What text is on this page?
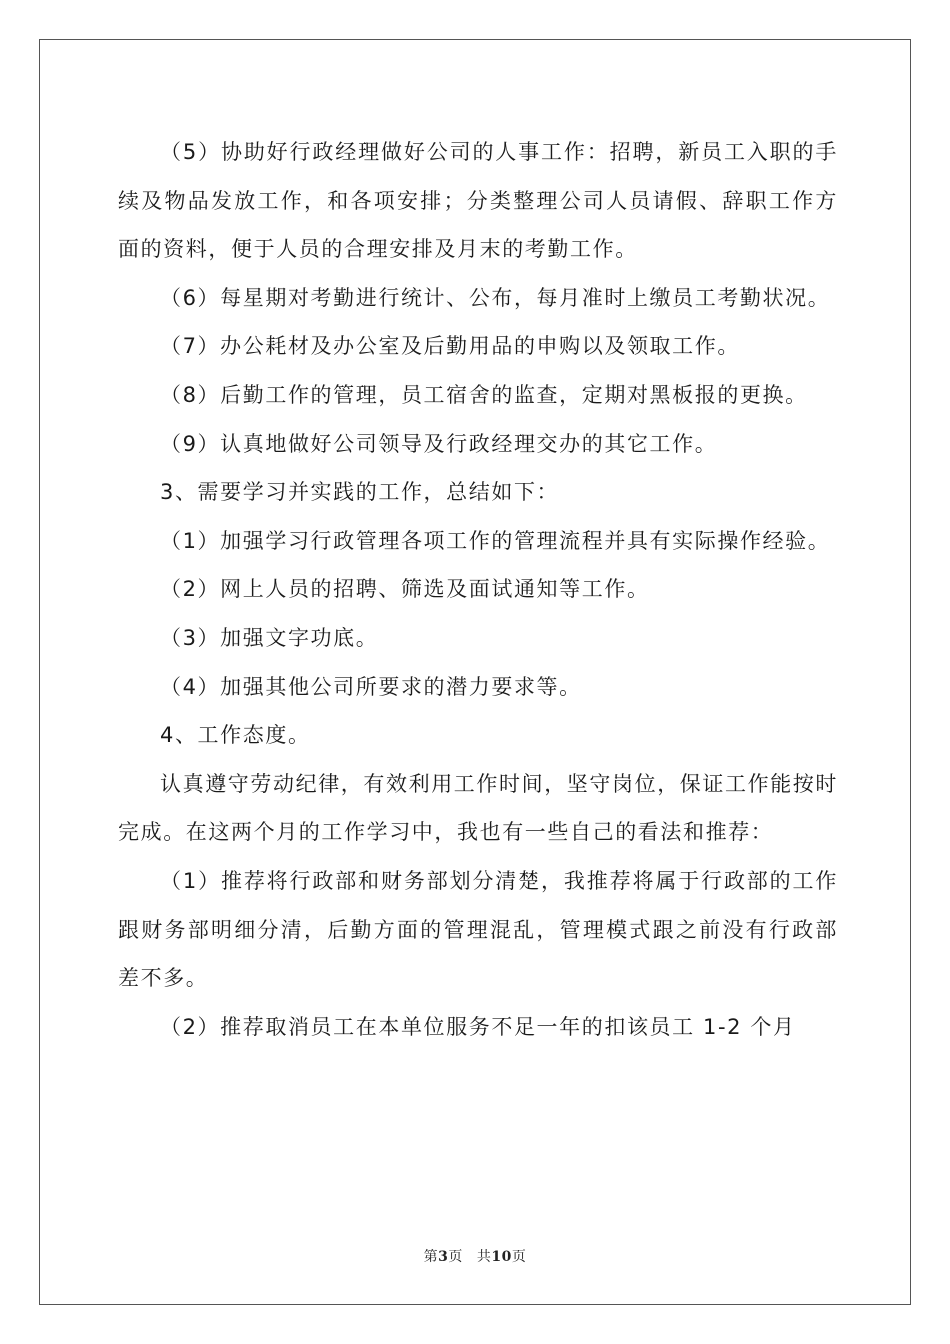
（5）协助好行政经理做好公司的人事工作：招聘，新员工入职的手续及物品发放工作，和各项安排；分类整理公司人员请假、辞职工作方面的资料，便于人员的合理安排及月末的考勤工作。

（6）每星期对考勤进行统计、公布，每月准时上缴员工考勤状况。

（7）办公耗材及办公室及后勤用品的申购以及领取工作。

（8）后勤工作的管理，员工宿舍的监查，定期对黑板报的更换。

（9）认真地做好公司领导及行政经理交办的其它工作。

3、需要学习并实践的工作，总结如下：

（1）加强学习行政管理各项工作的管理流程并具有实际操作经验。

（2）网上人员的招聘、筛选及面试通知等工作。

（3）加强文字功底。

（4）加强其他公司所要求的潜力要求等。

4、工作态度。

认真遵守劳动纪律，有效利用工作时间，坚守岗位，保证工作能按时完成。在这两个月的工作学习中，我也有一些自己的看法和推荐：

（1）推荐将行政部和财务部划分清楚，我推荐将属于行政部的工作跟财务部明细分清，后勤方面的管理混乱，管理模式跟之前没有行政部差不多。

（2）推荐取消员工在本单位服务不足一年的扣该员工 1-2 个月

第3页 共10页
